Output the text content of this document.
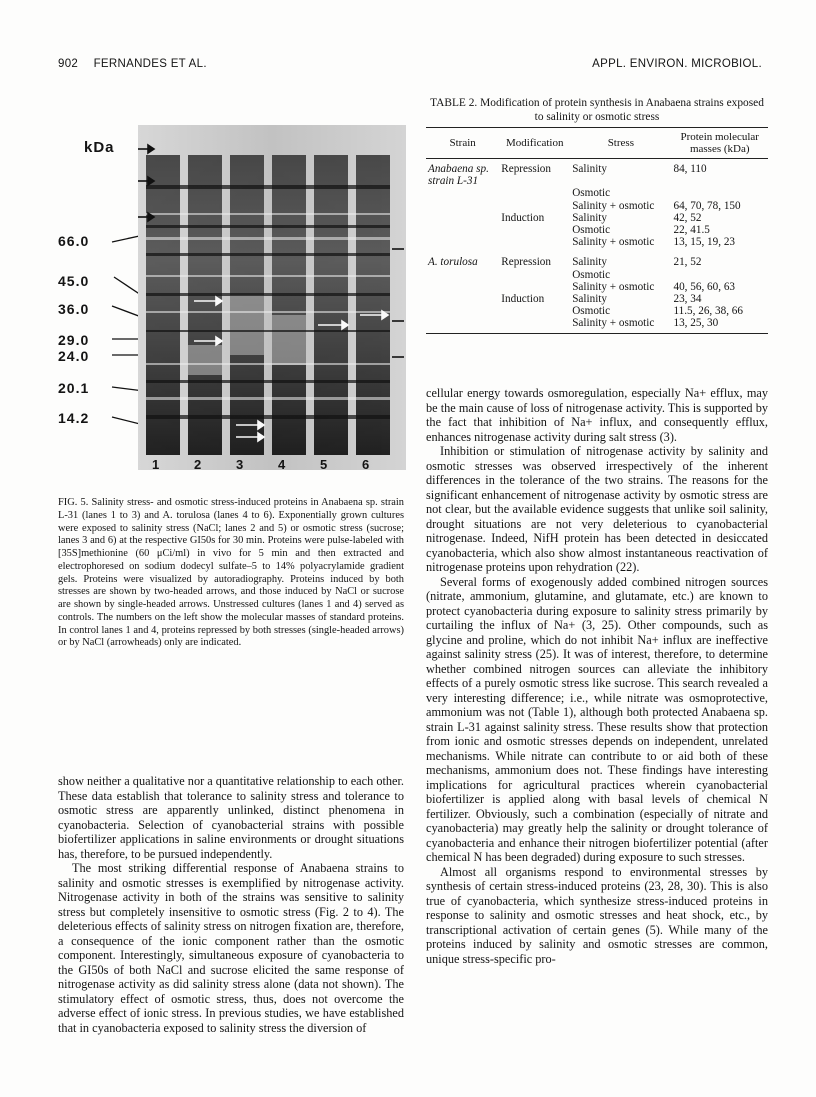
902 FERNANDES ET AL.	APPL. ENVIRON. MICROBIOL.
kDa
66.0
45.0
36.0
29.0
24.0
20.1
14.2
1	2	3	4	5	6
FIG. 5. Salinity stress- and osmotic stress-induced proteins in Anabaena sp. strain L-31 (lanes 1 to 3) and A. torulosa (lanes 4 to 6). Exponentially grown cultures were exposed to salinity stress (NaCl; lanes 2 and 5) or osmotic stress (sucrose; lanes 3 and 6) at the respective GI50s for 30 min. Proteins were pulse-labeled with [35S]methionine (60 μCi/ml) in vivo for 5 min and then extracted and electrophoresed on sodium dodecyl sulfate–5 to 14% polyacrylamide gradient gels. Proteins were visualized by autoradiography. Proteins induced by both stresses are shown by two-headed arrows, and those induced by NaCl or sucrose are shown by single-headed arrows. Unstressed cultures (lanes 1 and 4) served as controls. The numbers on the left show the molecular masses of standard proteins. In control lanes 1 and 4, proteins repressed by both stresses (single-headed arrows) or by NaCl (arrowheads) only are indicated.
TABLE 2. Modification of protein synthesis in Anabaena strains exposed to salinity or osmotic stress
Strain	Modification	Stress	Protein molecular masses (kDa)
Anabaena sp. strain L-31	Repression	Salinity	84, 110
		Osmotic	
		Salinity + osmotic	64, 70, 78, 150
	Induction	Salinity	42, 52
		Osmotic	22, 41.5
		Salinity + osmotic	13, 15, 19, 23
A. torulosa	Repression	Salinity	21, 52
		Osmotic	
		Salinity + osmotic	40, 56, 60, 63
	Induction	Salinity	23, 34
		Osmotic	11.5, 26, 38, 66
		Salinity + osmotic	13, 25, 30

show neither a qualitative nor a quantitative relationship to each other. These data establish that tolerance to salinity stress and tolerance to osmotic stress are apparently unlinked, distinct phenomena in cyanobacteria. Selection of cyanobacterial strains with possible biofertilizer applications in saline environments or drought situations has, therefore, to be pursued independently.

The most striking differential response of Anabaena strains to salinity and osmotic stresses is exemplified by nitrogenase activity. Nitrogenase activity in both of the strains was sensitive to salinity stress but completely insensitive to osmotic stress (Fig. 2 to 4). The deleterious effects of salinity stress on nitrogen fixation are, therefore, a consequence of the ionic component rather than the osmotic component. Interestingly, simultaneous exposure of cyanobacteria to the GI50s of both NaCl and sucrose elicited the same response of nitrogenase activity as did salinity stress alone (data not shown). The stimulatory effect of osmotic stress, thus, does not overcome the adverse effect of ionic stress. In previous studies, we have established that in cyanobacteria exposed to salinity stress the diversion of

cellular energy towards osmoregulation, especially Na+ efflux, may be the main cause of loss of nitrogenase activity. This is supported by the fact that inhibition of Na+ influx, and consequently efflux, enhances nitrogenase activity during salt stress (3).

Inhibition or stimulation of nitrogenase activity by salinity and osmotic stresses was observed irrespectively of the inherent differences in the tolerance of the two strains. The reasons for the significant enhancement of nitrogenase activity by osmotic stress are not clear, but the available evidence suggests that unlike soil salinity, drought situations are not very deleterious to cyanobacterial nitrogenase. Indeed, NifH protein has been detected in desiccated cyanobacteria, which also show almost instantaneous reactivation of nitrogenase proteins upon rehydration (22).

Several forms of exogenously added combined nitrogen sources (nitrate, ammonium, glutamine, and glutamate, etc.) are known to protect cyanobacteria during exposure to salinity stress primarily by curtailing the influx of Na+ (3, 25). Other compounds, such as glycine and proline, which do not inhibit Na+ influx are ineffective against salinity stress (25). It was of interest, therefore, to determine whether combined nitrogen sources can alleviate the inhibitory effects of a purely osmotic stress like sucrose. This search revealed a very interesting difference; i.e., while nitrate was osmoprotective, ammonium was not (Table 1), although both protected Anabaena sp. strain L-31 against salinity stress. These results show that protection from ionic and osmotic stresses depends on independent, unrelated mechanisms. While nitrate can contribute to or aid both of these mechanisms, ammonium does not. These findings have interesting implications for agricultural practices wherein cyanobacterial biofertilizer is applied along with basal levels of chemical N fertilizer. Obviously, such a combination (especially of nitrate and cyanobacteria) may greatly help the salinity or drought tolerance of cyanobacteria and enhance their nitrogen biofertilizer potential (after chemical N has been degraded) during exposure to such stresses.

Almost all organisms respond to environmental stresses by synthesis of certain stress-induced proteins (23, 28, 30). This is also true of cyanobacteria, which synthesize stress-induced proteins in response to salinity and osmotic stresses and heat shock, etc., by transcriptional activation of certain genes (5). While many of the proteins induced by salinity and osmotic stresses are common, unique stress-specific pro-
